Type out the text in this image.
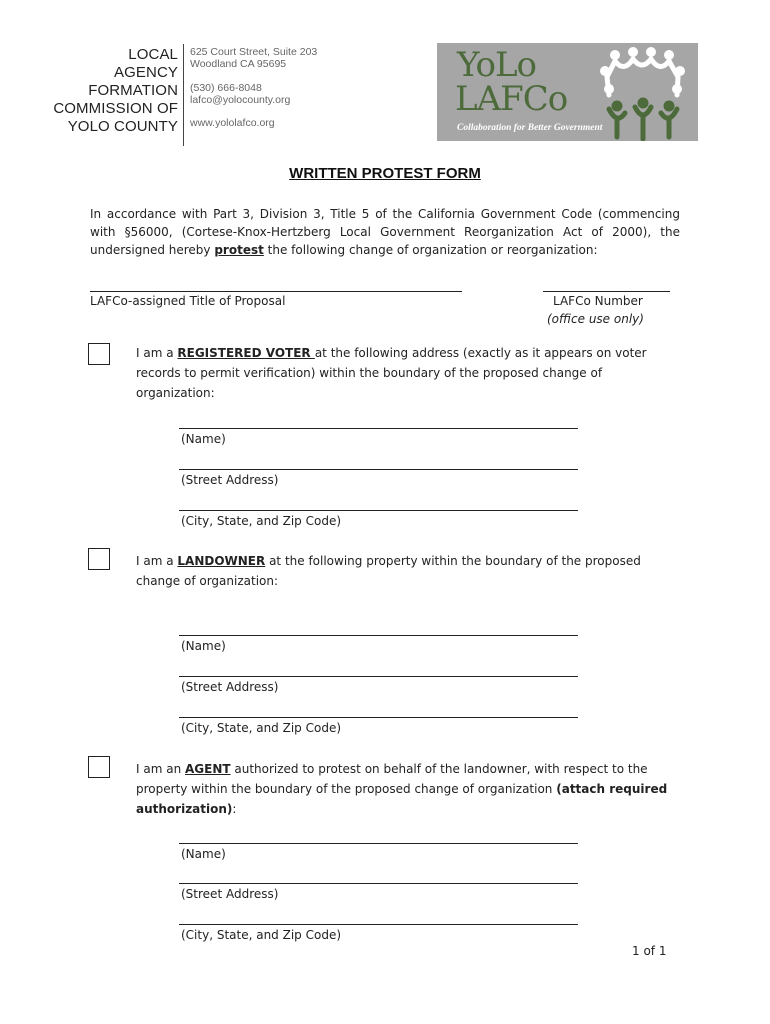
LOCAL
AGENCY
FORMATION
COMMISSION OF
YOLO COUNTY
625 Court Street, Suite 203
Woodland CA 95695
(530) 666-8048
lafco@yolocounty.org
www.yololafco.org
YoLo
LAFCo
Collaboration for Better Government
WRITTEN PROTEST FORM
In accordance with Part 3, Division 3, Title 5 of the California Government Code (commencing with §56000, (Cortese-Knox-Hertzberg Local Government Reorganization Act of 2000), the undersigned hereby protest the following change of organization or reorganization:
LAFCo-assigned Title of Proposal	LAFCo Number
(office use only)
I am a REGISTERED VOTER at the following address (exactly as it appears on voter records to permit verification) within the boundary of the proposed change of organization:
(Name)
(Street Address)
(City, State, and Zip Code)
I am a LANDOWNER at the following property within the boundary of the proposed change of organization:
(Name)
(Street Address)
(City, State, and Zip Code)
I am an AGENT authorized to protest on behalf of the landowner, with respect to the property within the boundary of the proposed change of organization (attach required authorization):
(Name)
(Street Address)
(City, State, and Zip Code)
1 of 1
